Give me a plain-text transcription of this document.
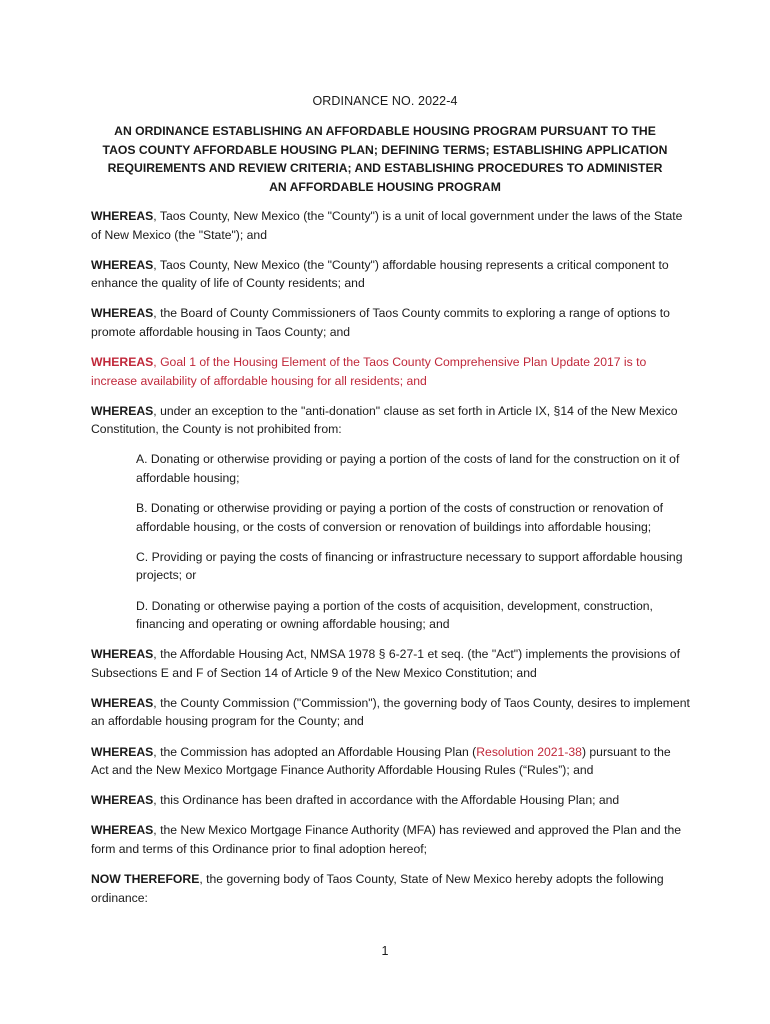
ORDINANCE NO. 2022-4
AN ORDINANCE ESTABLISHING AN AFFORDABLE HOUSING PROGRAM PURSUANT TO THE TAOS COUNTY AFFORDABLE HOUSING PLAN; DEFINING TERMS; ESTABLISHING APPLICATION REQUIREMENTS AND REVIEW CRITERIA; AND ESTABLISHING PROCEDURES TO ADMINISTER AN AFFORDABLE HOUSING PROGRAM

WHEREAS, Taos County, New Mexico (the "County") is a unit of local government under the laws of the State of New Mexico (the "State"); and

WHEREAS, Taos County, New Mexico (the "County") affordable housing represents a critical component to enhance the quality of life of County residents; and

WHEREAS, the Board of County Commissioners of Taos County commits to exploring a range of options to promote affordable housing in Taos County; and

WHEREAS, Goal 1 of the Housing Element of the Taos County Comprehensive Plan Update 2017 is to increase availability of affordable housing for all residents; and

WHEREAS, under an exception to the "anti-donation" clause as set forth in Article IX, §14 of the New Mexico Constitution, the County is not prohibited from:

A. Donating or otherwise providing or paying a portion of the costs of land for the construction on it of affordable housing;

B. Donating or otherwise providing or paying a portion of the costs of construction or renovation of affordable housing, or the costs of conversion or renovation of buildings into affordable housing;

C. Providing or paying the costs of financing or infrastructure necessary to support affordable housing projects; or

D. Donating or otherwise paying a portion of the costs of acquisition, development, construction, financing and operating or owning affordable housing; and

WHEREAS, the Affordable Housing Act, NMSA 1978 § 6-27-1 et seq. (the "Act") implements the provisions of Subsections E and F of Section 14 of Article 9 of the New Mexico Constitution; and

WHEREAS, the County Commission ("Commission"), the governing body of Taos County, desires to implement an affordable housing program for the County; and

WHEREAS, the Commission has adopted an Affordable Housing Plan (Resolution 2021-38) pursuant to the Act and the New Mexico Mortgage Finance Authority Affordable Housing Rules (“Rules”); and

WHEREAS, this Ordinance has been drafted in accordance with the Affordable Housing Plan; and

WHEREAS, the New Mexico Mortgage Finance Authority (MFA) has reviewed and approved the Plan and the form and terms of this Ordinance prior to final adoption hereof;

NOW THEREFORE, the governing body of Taos County, State of New Mexico hereby adopts the following ordinance:

1
